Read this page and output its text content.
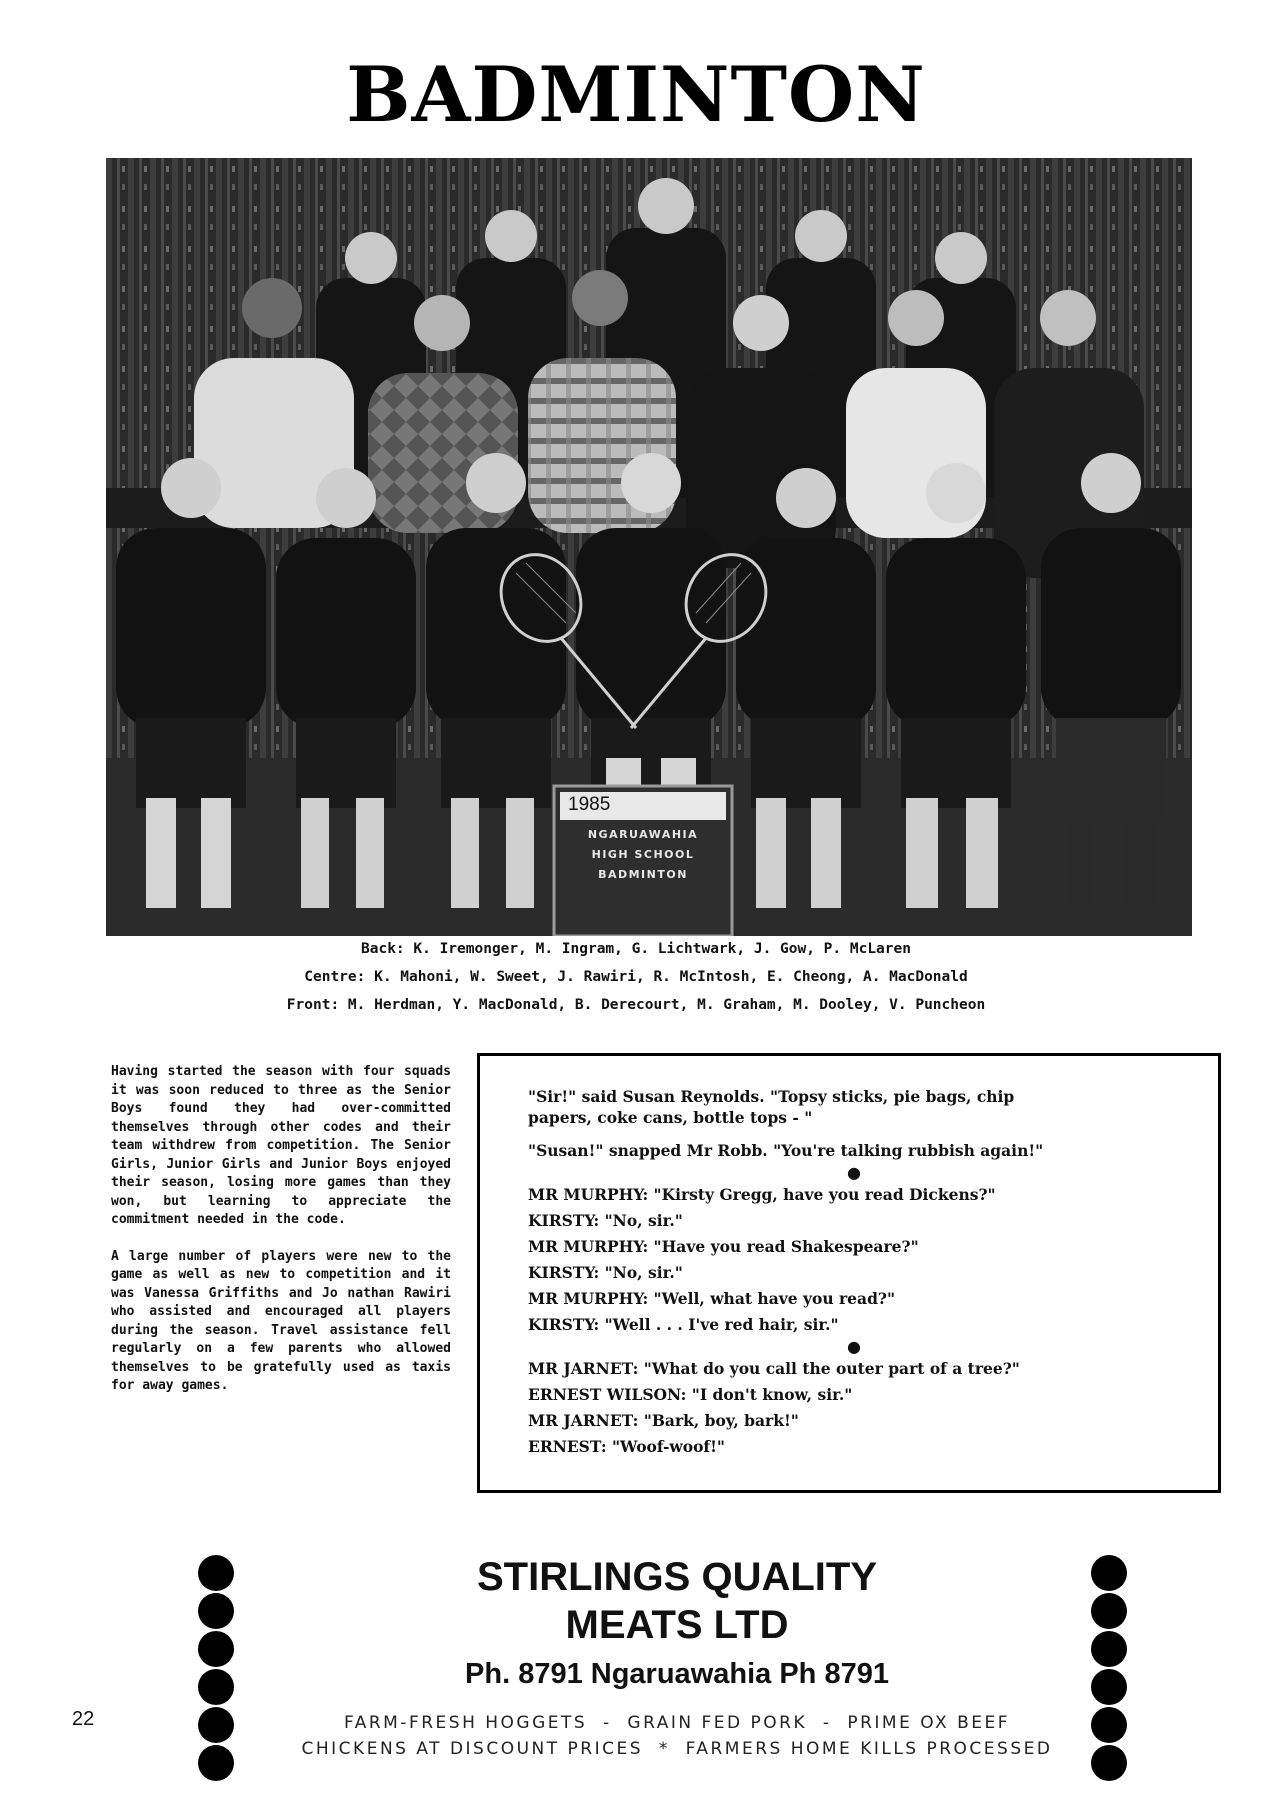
BADMINTON
1985
NGARUAWAHIA
HIGH SCHOOL
BADMINTON
Back: K. Iremonger, M. Ingram, G. Lichtwark, J. Gow, P. McLaren
Centre: K. Mahoni, W. Sweet, J. Rawiri, R. McIntosh, E. Cheong, A. MacDonald
Front: M. Herdman, Y. MacDonald, B. Derecourt, M. Graham, M. Dooley, V. Puncheon

Having started the season with four squads it was soon reduced to three as the Senior Boys found they had over-committed themselves through other codes and their team withdrew from competition. The Senior Girls, Junior Girls and Junior Boys enjoyed their season, losing more games than they won, but learning to appreciate the commitment needed in the code.

A large number of players were new to the game as well as new to competition and it was Vanessa Griffiths and Jo nathan Rawiri who assisted and encouraged all players during the season. Travel assistance fell regularly on a few parents who allowed themselves to be gratefully used as taxis for away games.

"Sir!" said Susan Reynolds. "Topsy sticks, pie bags, chip
papers, coke cans, bottle tops - "
"Susan!" snapped Mr Robb. "You're talking rubbish again!"
●
MR MURPHY: "Kirsty Gregg, have you read Dickens?"
KIRSTY: "No, sir."
MR MURPHY: "Have you read Shakespeare?"
KIRSTY: "No, sir."
MR MURPHY: "Well, what have you read?"
KIRSTY: "Well . . . I've red hair, sir."
●
MR JARNET: "What do you call the outer part of a tree?"
ERNEST WILSON: "I don't know, sir."
MR JARNET: "Bark, boy, bark!"
ERNEST: "Woof-woof!"
STIRLINGS QUALITY
MEATS LTD
Ph. 8791 Ngaruawahia Ph 8791
FARM-FRESH HOGGETS  -  GRAIN FED PORK  -  PRIME OX BEEF
CHICKENS AT DISCOUNT PRICES  *  FARMERS HOME KILLS PROCESSED
22
